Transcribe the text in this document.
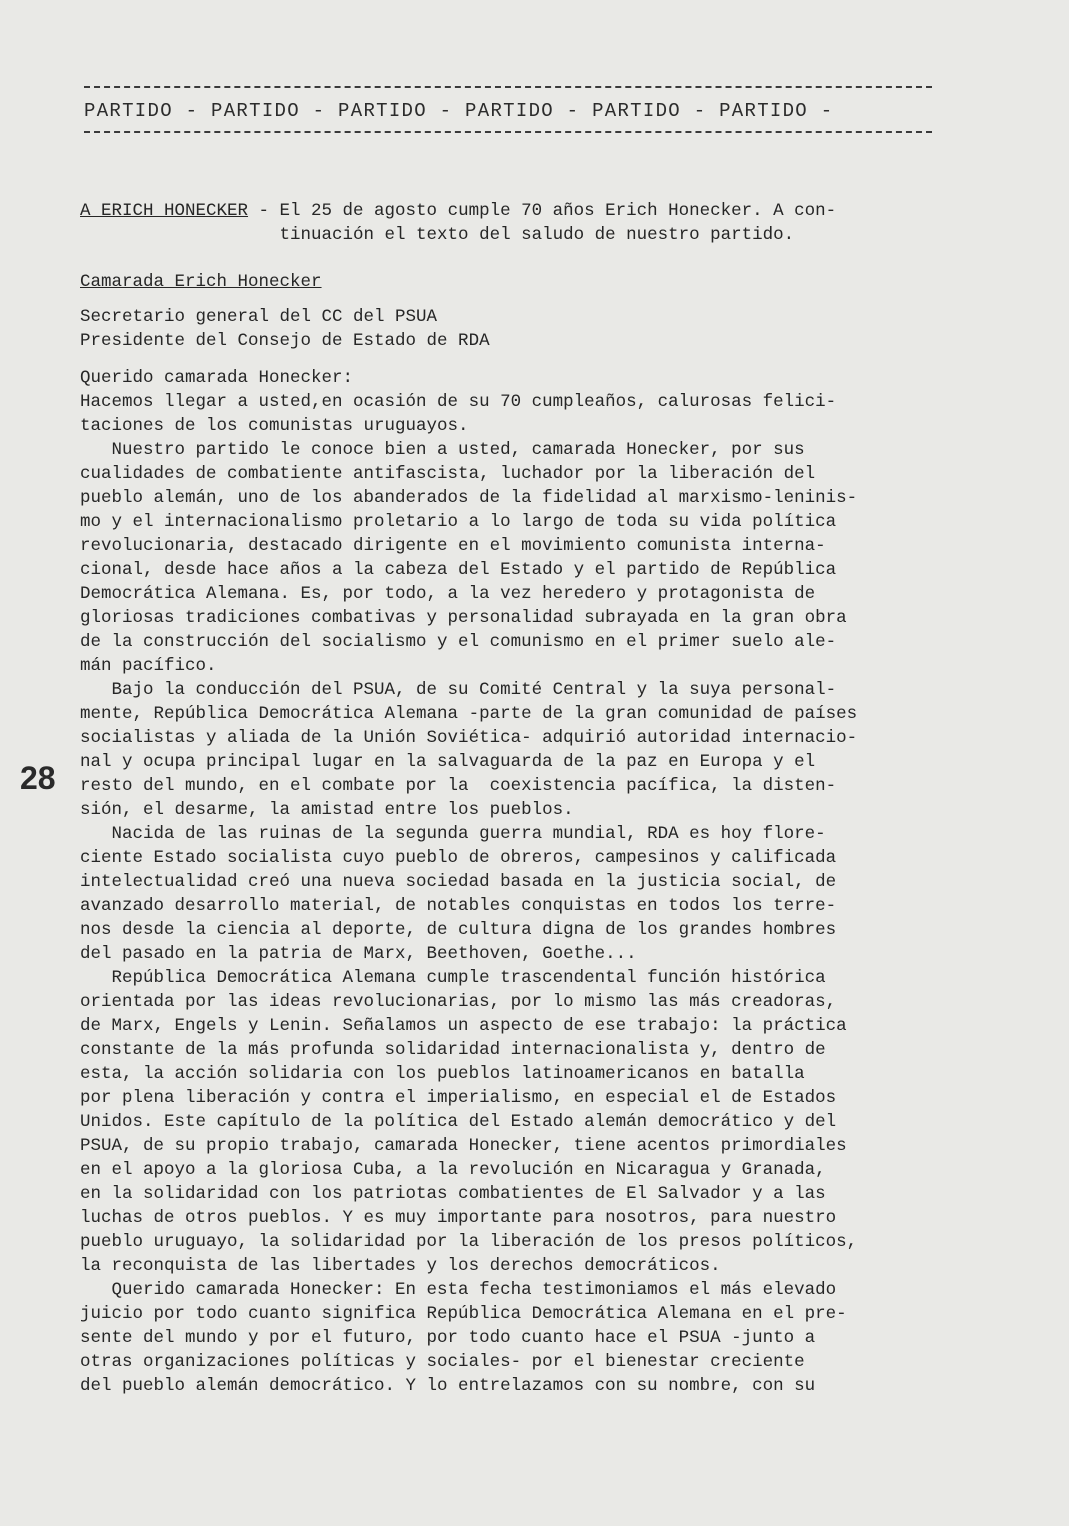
PARTIDO - PARTIDO - PARTIDO - PARTIDO - PARTIDO - PARTIDO -
A ERICH HONECKER - El 25 de agosto cumple 70 años Erich Honecker. A con-
tinuación el texto del saludo de nuestro partido.
Camarada Erich Honecker
Secretario general del CC del PSUA
Presidente del Consejo de Estado de RDA
Querido camarada Honecker:
Hacemos llegar a usted,en ocasión de su 70 cumpleaños, calurosas felici-
taciones de los comunistas uruguayos.
Nuestro partido le conoce bien a usted, camarada Honecker, por sus
cualidades de combatiente antifascista, luchador por la liberación del
pueblo alemán, uno de los abanderados de la fidelidad al marxismo-leninis-
mo y el internacionalismo proletario a lo largo de toda su vida política
revolucionaria, destacado dirigente en el movimiento comunista interna-
cional, desde hace años a la cabeza del Estado y el partido de República
Democrática Alemana. Es, por todo, a la vez heredero y protagonista de
gloriosas tradiciones combativas y personalidad subrayada en la gran obra
de la construcción del socialismo y el comunismo en el primer suelo ale-
mán pacífico.
Bajo la conducción del PSUA, de su Comité Central y la suya personal-
mente, República Democrática Alemana -parte de la gran comunidad de países
socialistas y aliada de la Unión Soviética- adquirió autoridad internacio-
nal y ocupa principal lugar en la salvaguarda de la paz en Europa y el
resto del mundo, en el combate por la  coexistencia pacífica, la disten-
sión, el desarme, la amistad entre los pueblos.
Nacida de las ruinas de la segunda guerra mundial, RDA es hoy flore-
ciente Estado socialista cuyo pueblo de obreros, campesinos y calificada
intelectualidad creó una nueva sociedad basada en la justicia social, de
avanzado desarrollo material, de notables conquistas en todos los terre-
nos desde la ciencia al deporte, de cultura digna de los grandes hombres
del pasado en la patria de Marx, Beethoven, Goethe...
República Democrática Alemana cumple trascendental función histórica
orientada por las ideas revolucionarias, por lo mismo las más creadoras,
de Marx, Engels y Lenin. Señalamos un aspecto de ese trabajo: la práctica
constante de la más profunda solidaridad internacionalista y, dentro de
esta, la acción solidaria con los pueblos latinoamericanos en batalla
por plena liberación y contra el imperialismo, en especial el de Estados
Unidos. Este capítulo de la política del Estado alemán democrático y del
PSUA, de su propio trabajo, camarada Honecker, tiene acentos primordiales
en el apoyo a la gloriosa Cuba, a la revolución en Nicaragua y Granada,
en la solidaridad con los patriotas combatientes de El Salvador y a las
luchas de otros pueblos. Y es muy importante para nosotros, para nuestro
pueblo uruguayo, la solidaridad por la liberación de los presos políticos,
la reconquista de las libertades y los derechos democráticos.
Querido camarada Honecker: En esta fecha testimoniamos el más elevado
juicio por todo cuanto significa República Democrática Alemana en el pre-
sente del mundo y por el futuro, por todo cuanto hace el PSUA -junto a
otras organizaciones políticas y sociales- por el bienestar creciente
del pueblo alemán democrático. Y lo entrelazamos con su nombre, con su
28
